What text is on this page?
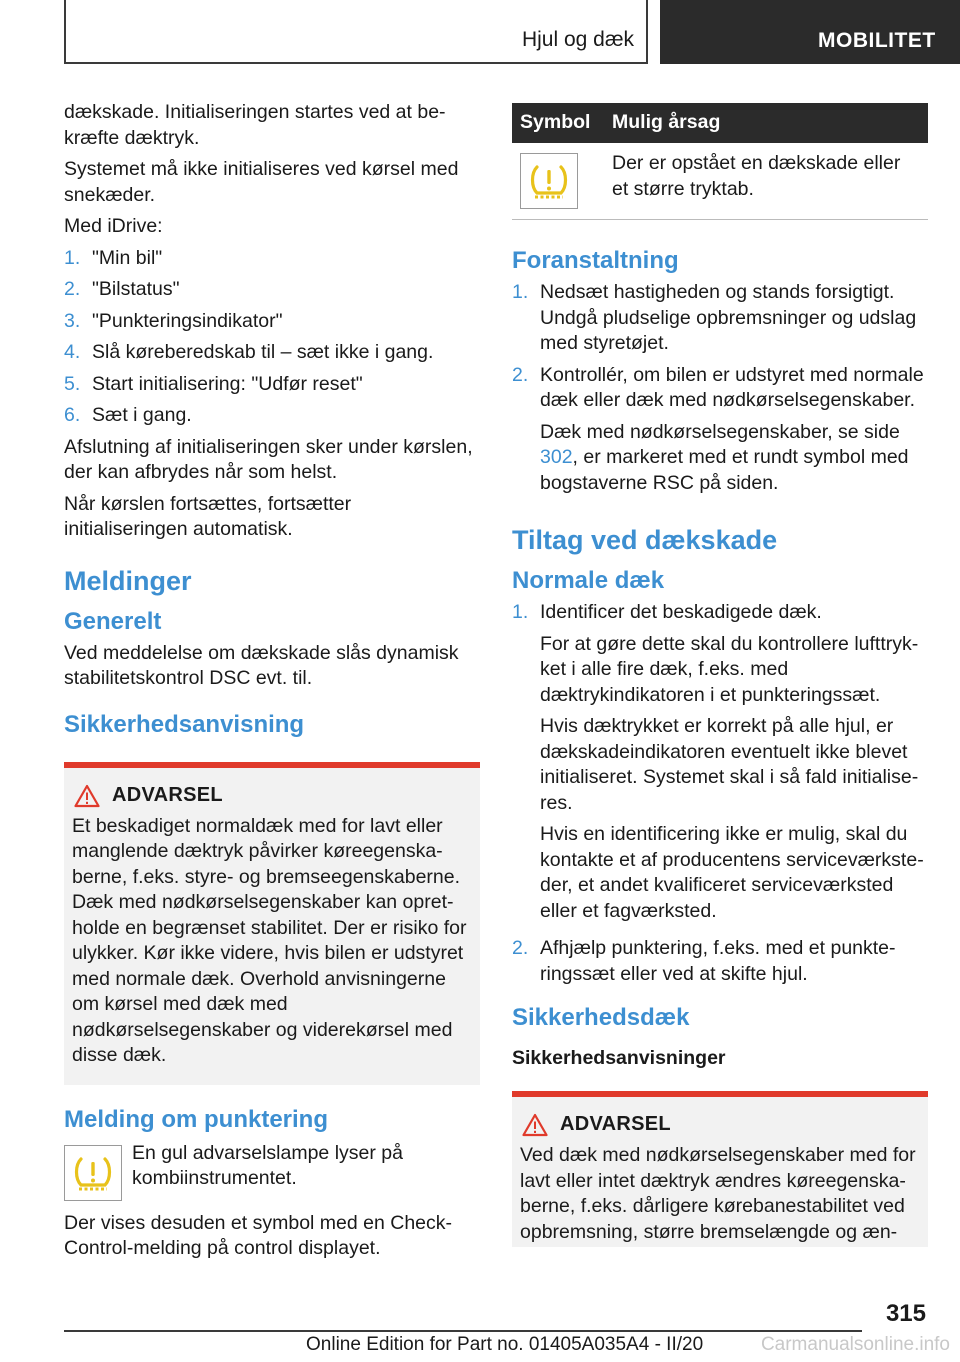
Hjul og dæk	MOBILITET

dækskade. Initialiseringen startes ved at bekræfte dæktryk.

Systemet må ikke initialiseres ved kørsel med snekæder.

Med iDrive:

1. "Min bil"
2. "Bilstatus"
3. "Punkteringsindikator"
4. Slå køreberedskab til – sæt ikke i gang.
5. Start initialisering: "Udfør reset"
6. Sæt i gang.

Afslutning af initialiseringen sker under kørslen, der kan afbrydes når som helst.

Når kørslen fortsættes, fortsætter initialiseringen automatisk.

Meldinger
Generelt

Ved meddelelse om dækskade slås dynamisk stabilitetskontrol DSC evt. til.

Sikkerhedsanvisning
ADVARSEL

Et beskadiget normaldæk med for lavt eller manglende dæktryk påvirker køreegenskaberne, f.eks. styre- og bremseegenskaberne. Dæk med nødkørselsegenskaber kan opretholde en begrænset stabilitet. Der er risiko for ulykker. Kør ikke videre, hvis bilen er udstyret med normale dæk. Overhold anvisningerne om kørsel med dæk med nødkørselsegenskaber og viderekørsel med disse dæk.

Melding om punktering

En gul advarselslampe lyser på kombiinstrumentet.

Der vises desuden et symbol med en Check-Control-melding på control displayet.

Symbol	Mulig årsag

	Der er opstået en dækskade eller et større tryktab.
Foranstaltning
1. Nedsæt hastigheden og stands forsigtigt. Undgå pludselige opbremsninger og udslag med styretøjet.
2. Kontrollér, om bilen er udstyret med normale dæk eller dæk med nødkørselsegenskaber.

Dæk med nødkørselsegenskaber, se side 302, er markeret med et rundt symbol med bogstaverne RSC på siden.

Tiltag ved dækskade
Normale dæk
1. Identificer det beskadigede dæk.

For at gøre dette skal du kontrollere lufttrykket i alle fire dæk, f.eks. med dæktrykindikatoren i et punkteringssæt.

Hvis dæktrykket er korrekt på alle hjul, er dækskadeindikatoren eventuelt ikke blevet initialiseret. Systemet skal i så fald initialiseres.

Hvis en identificering ikke er mulig, skal du kontakte et af producentens serviceværksteder, et andet kvalificeret serviceværksted eller et fagværksted.

2. Afhjælp punktering, f.eks. med et punkteringssæt eller ved at skifte hjul.
Sikkerhedsdæk
Sikkerhedsanvisninger
ADVARSEL

Ved dæk med nødkørselsegenskaber med for lavt eller intet dæktryk ændres køreegenskaberne, f.eks. dårligere kørebanestabilitet ved opbremsning, større bremselængde og æn-

315
Online Edition for Part no. 01405A035A4 - II/20	Carmanualsonline.info
